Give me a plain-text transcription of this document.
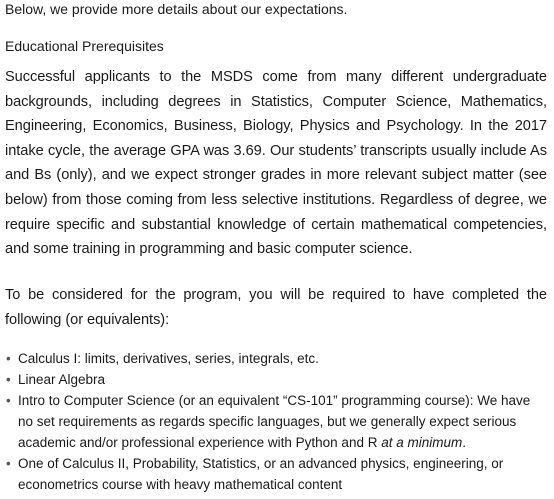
Below, we provide more details about our expectations.

Educational Prerequisites

Successful applicants to the MSDS come from many different undergraduate backgrounds, including degrees in Statistics, Computer Science, Mathematics, Engineering, Economics, Business, Biology, Physics and Psychology. In the 2017 intake cycle, the average GPA was 3.69. Our students’ transcripts usually include As and Bs (only), and we expect stronger grades in more relevant subject matter (see below) from those coming from less selective institutions. Regardless of degree, we require specific and substantial knowledge of certain mathematical competencies, and some training in programming and basic computer science.

To be considered for the program, you will be required to have completed the following (or equivalents):

• Calculus I: limits, derivatives, series, integrals, etc.
• Linear Algebra
• Intro to Computer Science (or an equivalent “CS-101” programming course): We have no set requirements as regards specific languages, but we generally expect serious academic and/or professional experience with Python and R at a minimum.
• One of Calculus II, Probability, Statistics, or an advanced physics, engineering, or econometrics course with heavy mathematical content
